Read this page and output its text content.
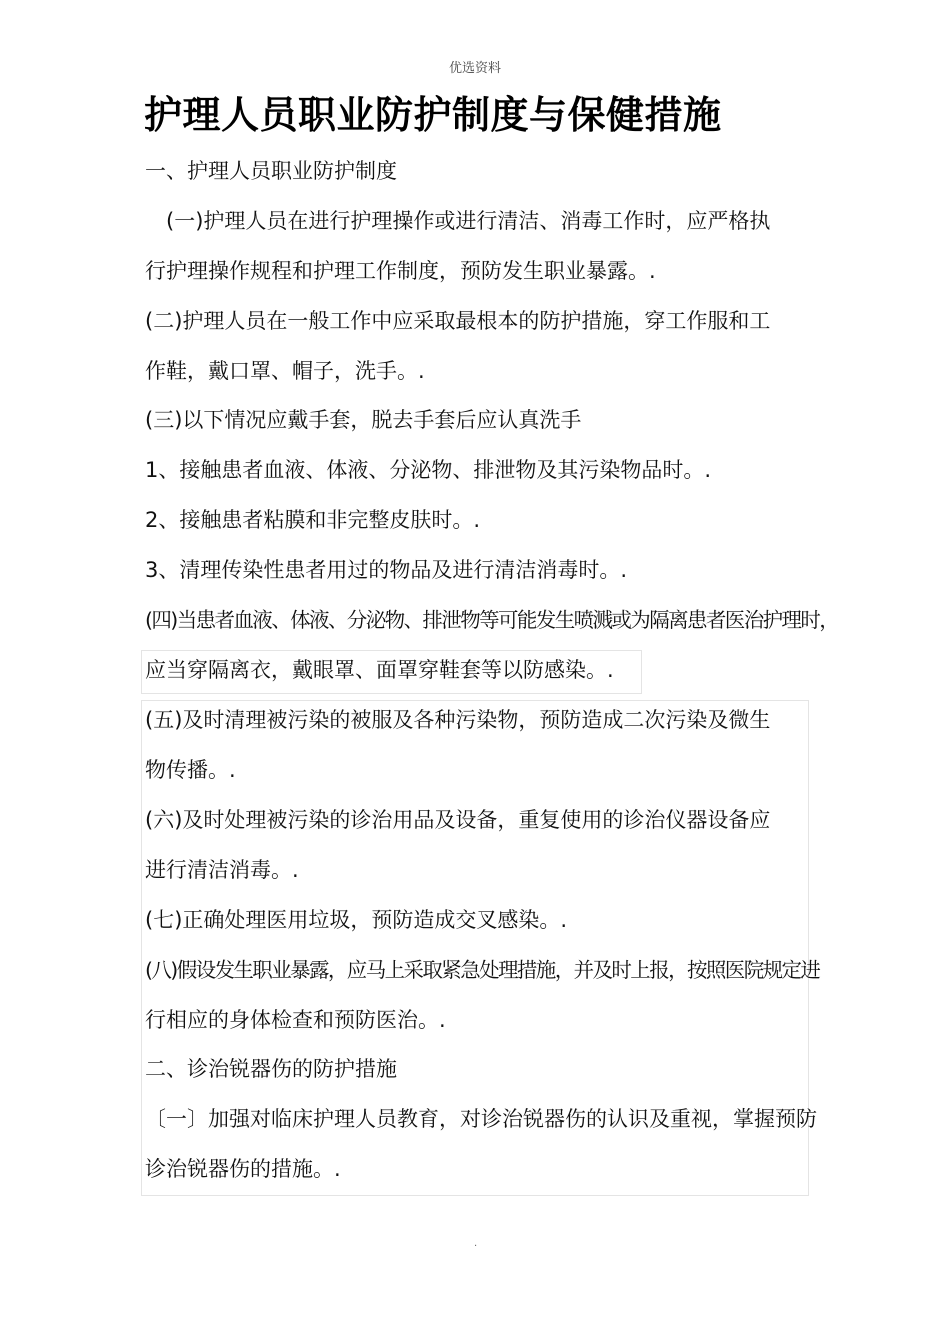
优选资料
护理人员职业防护制度与保健措施
一、护理人员职业防护制度
(一)护理人员在进行护理操作或进行清洁、消毒工作时，应严格执
行护理操作规程和护理工作制度，预防发生职业暴露。.
(二)护理人员在一般工作中应采取最根本的防护措施，穿工作服和工
作鞋，戴口罩、帽子，洗手。.
(三)以下情况应戴手套，脱去手套后应认真洗手
1、接触患者血液、体液、分泌物、排泄物及其污染物品时。.
2、接触患者粘膜和非完整皮肤时。.
3、清理传染性患者用过的物品及进行清洁消毒时。.
(四)当患者血液、体液、分泌物、排泄物等可能发生喷溅或为隔离患者医治护理时，
应当穿隔离衣，戴眼罩、面罩穿鞋套等以防感染。.
(五)及时清理被污染的被服及各种污染物，预防造成二次污染及微生
物传播。.
(六)及时处理被污染的诊治用品及设备，重复使用的诊治仪器设备应
进行清洁消毒。.
(七)正确处理医用垃圾，预防造成交叉感染。.
(八)假设发生职业暴露，应马上采取紧急处理措施，并及时上报，按照医院规定进
行相应的身体检查和预防医治。.
二、诊治锐器伤的防护措施
〔一〕加强对临床护理人员教育，对诊治锐器伤的认识及重视，掌握预防
诊治锐器伤的措施。.
.
